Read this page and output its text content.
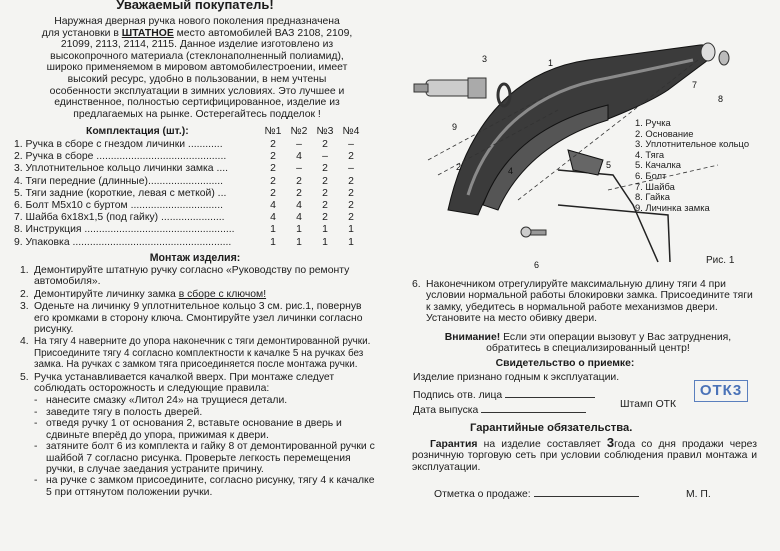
Уважаемый покупатель!
Наружная дверная ручка нового поколения предназначена
для установки в ШТАТНОЕ место автомобилей ВАЗ 2108, 2109,
21099, 2113, 2114, 2115. Данное изделие изготовлено из
высокопрочного материала (стеклонаполненный полиамид),
широко применяемом в мировом автомобилестроении, имеет
высокий ресурс, удобно в пользовании, в нем учтены
особенности эксплуатации в зимних условиях. Это лучшее и
единственное, полностью сертифицированное, изделие из
предлагаемых на рынке. Остерегайтесь подделок !
Комплектация (шт.):	№1 №2 №3 №4
1. Ручка в сборе с гнездом личинки ............	2	–	2	–
2. Ручка в сборе .............................................	2	4	–	2
3. Уплотнительное кольцо личинки замка ....	2	–	2	–
4. Тяги передние (длинные)..........................	2	2	2	2
5. Тяги задние (короткие, левая с меткой) ...	2	2	2	2
6. Болт М5х10 с буртом ................................	4	4	2	2
7. Шайба 6х18х1,5 (под гайку) ......................	4	4	2	2
8. Инструкция ....................................................	1	1	1	1
9. Упаковка .......................................................	1	1	1	1
Монтаж изделия:
1. Демонтируйте штатную ручку согласно «Руководству по ремонту автомобиля».
2. Демонтируйте личинку замка в сборе с ключом!
3. Оденьте на личинку 9 уплотнительное кольцо 3 см. рис.1, повернув его кромками в сторону ключа. Смонтируйте узел личинки согласно рисунку.
4. На тягу 4 наверните до упора наконечник с тяги демонтированной ручки. Присоедините тягу 4 согласно комплектности к качалке 5 на ручках без замка. На ручках с замком тяга присоединяется после монтажа ручки.
5. Ручка устанавливается качалкой вверх. При монтаже следует соблюдать осторожность и следующие правила:
- нанесите смазку «Литол 24» на трущиеся детали.
- заведите тягу в полость дверей.
- отведя ручку 1 от основания 2, вставьте основание в дверь и сдвиньте вперёд до упора, прижимая к двери.
- затяните болт 6 из комплекта и гайку 8 от демонтированной ручки с шайбой 7 согласно рисунка. Проверьте легкость перемещения ручки, в случае заедания устраните причину.
- на ручке с замком присоедините, согласно рисунку, тягу 4 к качалке 5 при оттянутом положении ручки.
1
2
3
4
5
6
7
8
9	1. Ручка
2. Основание
3. Уплотнительное кольцо
4. Тяга
5. Качалка
6. Болт
7. Шайба
8. Гайка
9. Личинка замка
Рис. 1
6. Наконечником отрегулируйте максимальную длину тяги 4 при условии нормальной работы блокировки замка. Присоедините тяги к замку, убедитесь в нормальной работе механизмов двери. Установите на место обивку двери.
Внимание! Если эти операции вызовут у Вас затруднения, обратитесь в специализированный центр!
Свидетельство о приемке:
Изделие признано годным к эксплуатации.
Подпись отв. лица
Дата выпуска
Штамп ОТК
ОТК3
Гарантийные обязательства.
Гарантия на изделие составляет 3года со дня продажи через розничную торговую сеть при условии соблюдения правил монтажа и эксплуатации.
Отметка о продаже:	М. П.
